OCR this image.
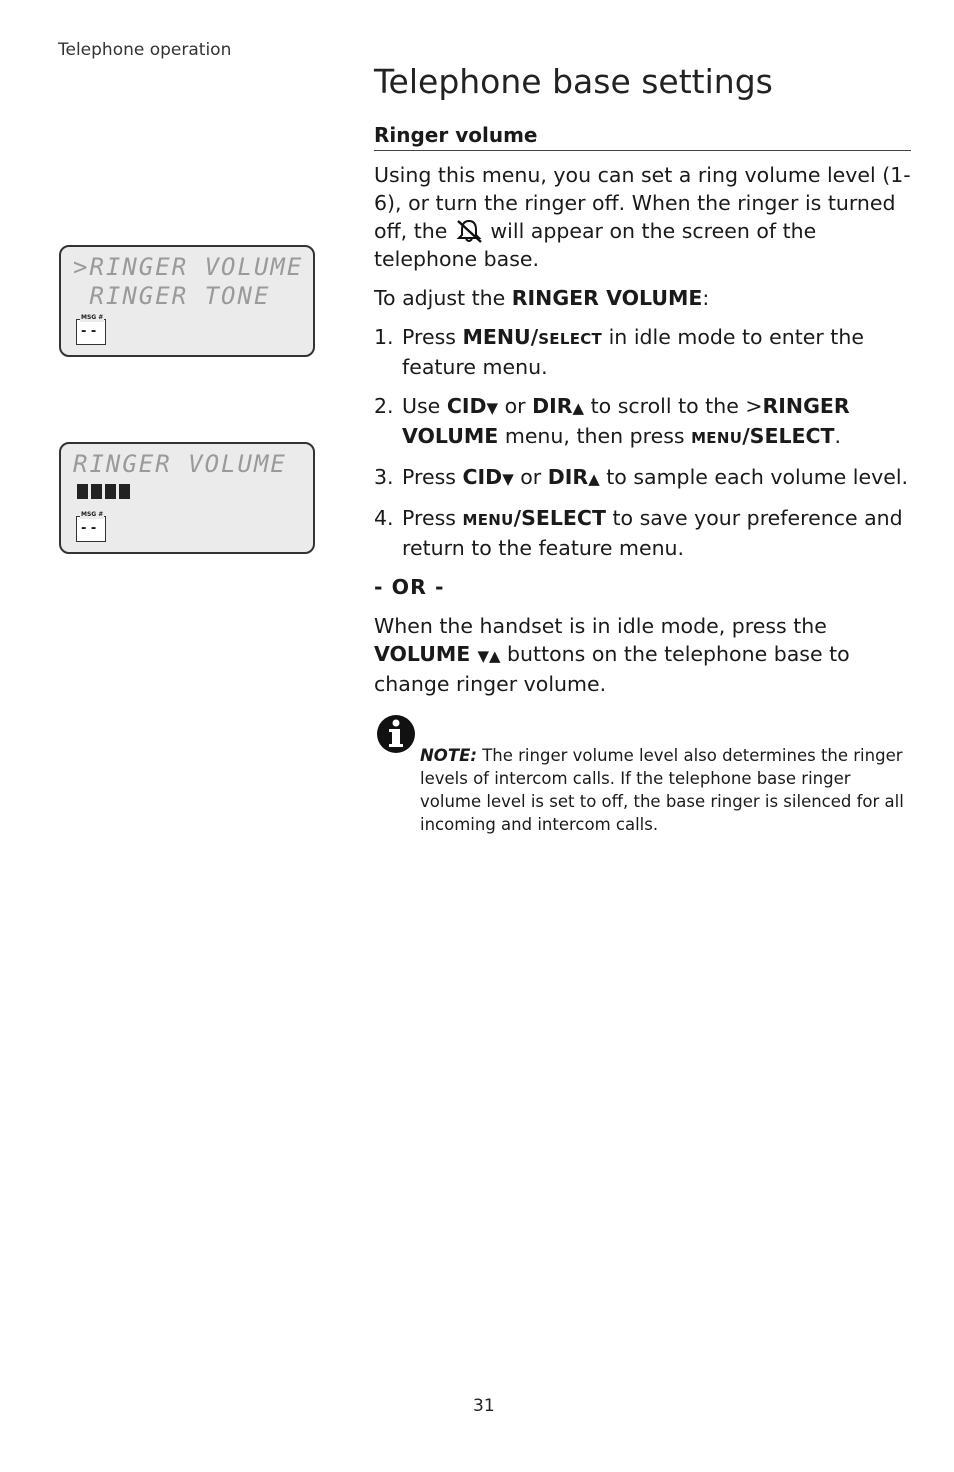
Telephone operation
Telephone base settings
Ringer volume
>RINGER VOLUME
RINGER TONE
MSG #
- -
RINGER VOLUME
MSG #
- -

Using this menu, you can set a ring volume level (1-6), or turn the ringer off. When the ringer is turned off, the will appear on the screen of the telephone base.

To adjust the RINGER VOLUME:

1. Press MENU/SELECT in idle mode to enter the feature menu.
2. Use CID▼ or DIR▲ to scroll to the >RINGER VOLUME menu, then press MENU/SELECT.
3. Press CID▼ or DIR▲ to sample each volume level.
4. Press MENU/SELECT to save your preference and return to the feature menu.

- OR -

When the handset is in idle mode, press the VOLUME ▼▲ buttons on the telephone base to change ringer volume.

NOTE: The ringer volume level also determines the ringer levels of intercom calls. If the telephone base ringer volume level is set to off, the base ringer is silenced for all incoming and intercom calls.
31
